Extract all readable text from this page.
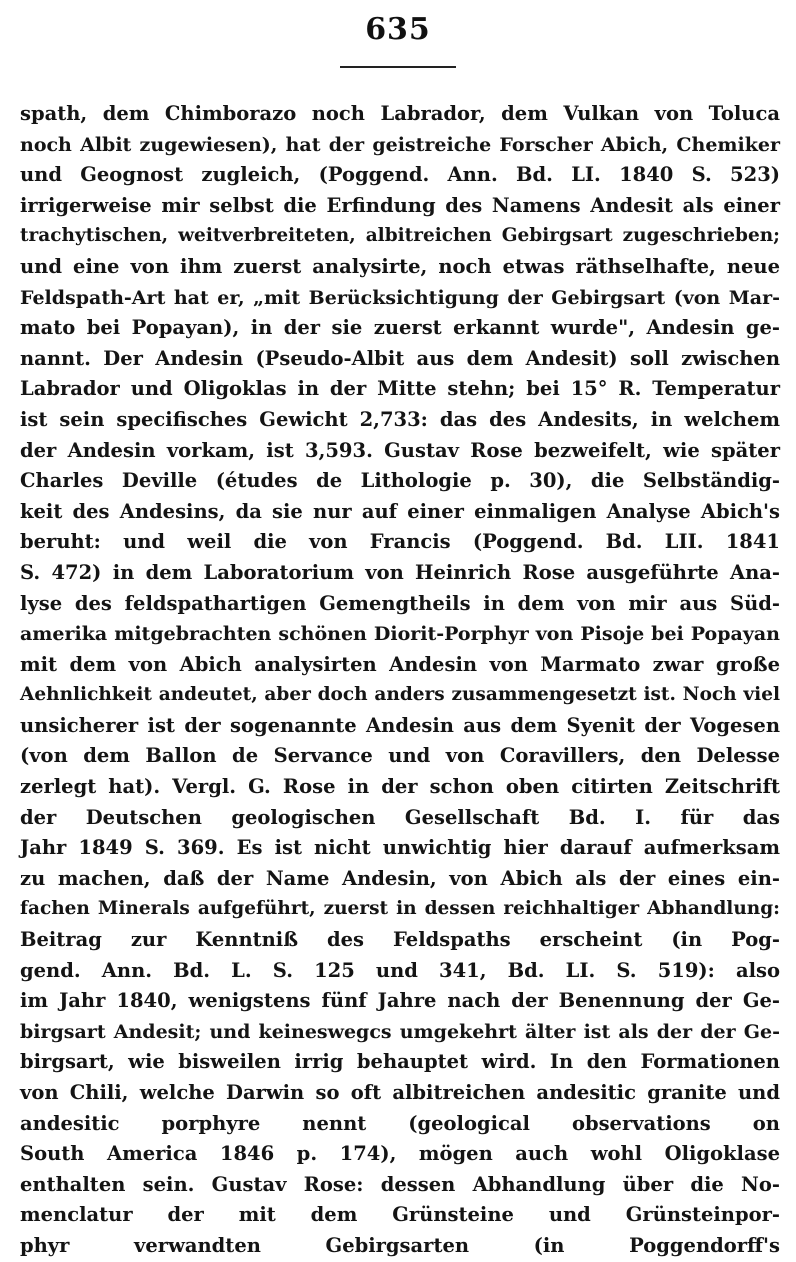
635
spath, dem Chimborazo noch Labrador, dem Vulkan von Toluca
noch Albit zugewiesen), hat der geistreiche Forscher Abich, Chemiker
und Geognost zugleich, (Poggend. Ann. Bd. LI. 1840 S. 523)
irrigerweise mir selbst die Erfindung des Namens Andesit als einer
trachytischen, weitverbreiteten, albitreichen Gebirgsart zugeschrieben;
und eine von ihm zuerst analysirte, noch etwas räthselhafte, neue
Feldspath-Art hat er, „mit Berücksichtigung der Gebirgsart (von Mar-
mato bei Popayan), in der sie zuerst erkannt wurde", Andesin ge-
nannt. Der Andesin (Pseudo-Albit aus dem Andesit) soll zwischen
Labrador und Oligoklas in der Mitte stehn; bei 15° R. Temperatur
ist sein specifisches Gewicht 2,733: das des Andesits, in welchem
der Andesin vorkam, ist 3,593. Gustav Rose bezweifelt, wie später
Charles Deville (études de Lithologie p. 30), die Selbständig-
keit des Andesins, da sie nur auf einer einmaligen Analyse Abich's
beruht: und weil die von Francis (Poggend. Bd. LII. 1841
S. 472) in dem Laboratorium von Heinrich Rose ausgeführte Ana-
lyse des feldspathartigen Gemengtheils in dem von mir aus Süd-
amerika mitgebrachten schönen Diorit-Porphyr von Pisoje bei Popayan
mit dem von Abich analysirten Andesin von Marmato zwar große
Aehnlichkeit andeutet, aber doch anders zusammengesetzt ist. Noch viel
unsicherer ist der sogenannte Andesin aus dem Syenit der Vogesen
(von dem Ballon de Servance und von Coravillers, den Delesse
zerlegt hat). Vergl. G. Rose in der schon oben citirten Zeitschrift
der Deutschen geologischen Gesellschaft Bd. I. für das
Jahr 1849 S. 369. Es ist nicht unwichtig hier darauf aufmerksam
zu machen, daß der Name Andesin, von Abich als der eines ein-
fachen Minerals aufgeführt, zuerst in dessen reichhaltiger Abhandlung:
Beitrag zur Kenntniß des Feldspaths erscheint (in Pog-
gend. Ann. Bd. L. S. 125 und 341, Bd. LI. S. 519): also
im Jahr 1840, wenigstens fünf Jahre nach der Benennung der Ge-
birgsart Andesit; und keineswegcs umgekehrt älter ist als der der Ge-
birgsart, wie bisweilen irrig behauptet wird. In den Formationen
von Chili, welche Darwin so oft albitreichen andesitic granite und
andesitic porphyre nennt (geological observations on
South America 1846 p. 174), mögen auch wohl Oligoklase
enthalten sein. Gustav Rose: dessen Abhandlung über die No-
menclatur der mit dem Grünsteine und Grünsteinpor-
phyr verwandten Gebirgsarten (in Poggendorff's
